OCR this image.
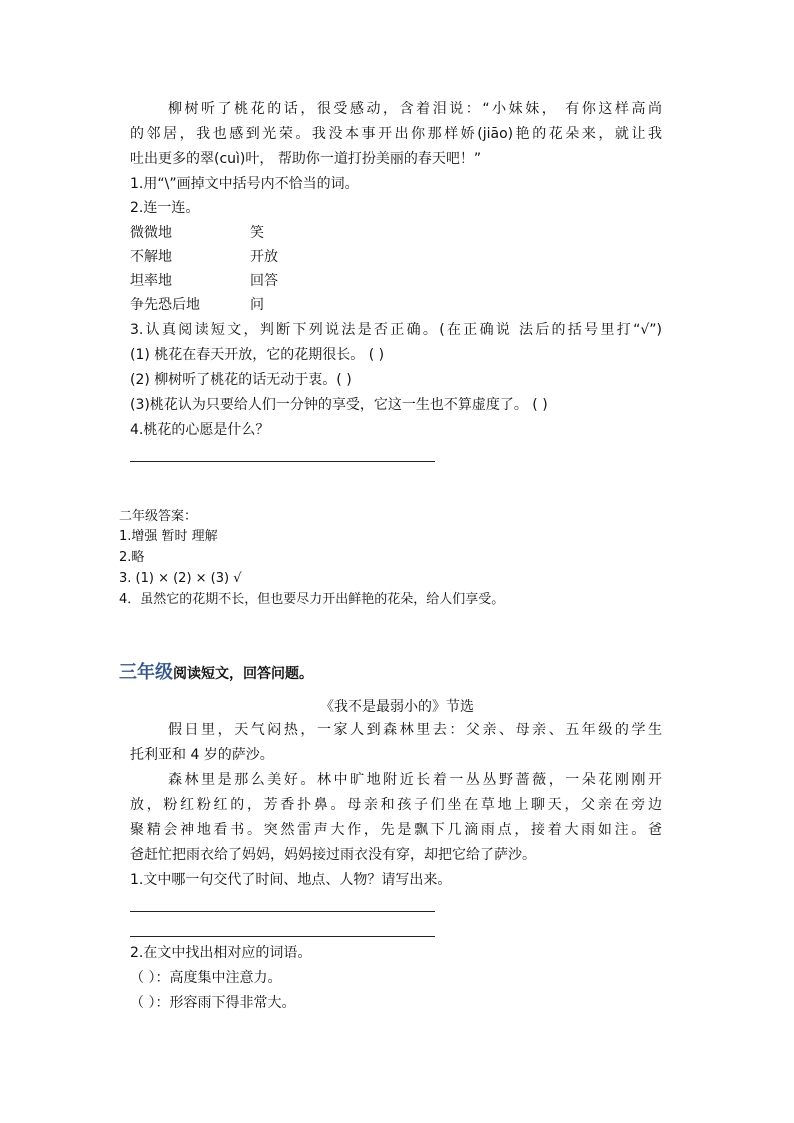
柳树听了桃花的话，很受感动，含着泪说：“小妹妹， 有你这样高尚
的邻居，我也感到光荣。我没本事开出你那样娇(jiāo)艳的花朵来，就让我
吐出更多的翠(cuì)叶， 帮助你一道打扮美丽的春天吧！”
1.用“\”画掉文中括号内不恰当的词。
2.连一连。
微微地	笑
不解地	开放
坦率地	回答
争先恐后地	问
3.认真阅读短文，判断下列说法是否正确。(在正确说 法后的括号里打“√”)
(1) 桃花在春天开放，它的花期很长。 ( )
(2) 柳树听了桃花的话无动于衷。( )
(3)桃花认为只要给人们一分钟的享受，它这一生也不算虚度了。 ( )
4.桃花的心愿是什么？
二年级答案：
1.增强 暂时 理解
2.略
3. (1) × (2) × (3) √
4．虽然它的花期不长，但也要尽力开出鲜艳的花朵，给人们享受。
三年级阅读短文，回答问题。
《我不是最弱小的》节选
假日里，天气闷热，一家人到森林里去：父亲、母亲、五年级的学生
托利亚和 4 岁的萨沙。
森林里是那么美好。林中旷地附近长着一丛丛野蔷薇，一朵花刚刚开
放，粉红粉红的，芳香扑鼻。母亲和孩子们坐在草地上聊天，父亲在旁边
聚精会神地看书。突然雷声大作，先是飘下几滴雨点，接着大雨如注。爸
爸赶忙把雨衣给了妈妈，妈妈接过雨衣没有穿，却把它给了萨沙。
1.文中哪一句交代了时间、地点、人物？请写出来。
2.在文中找出相对应的词语。
（ ）：高度集中注意力。
（ ）：形容雨下得非常大。
